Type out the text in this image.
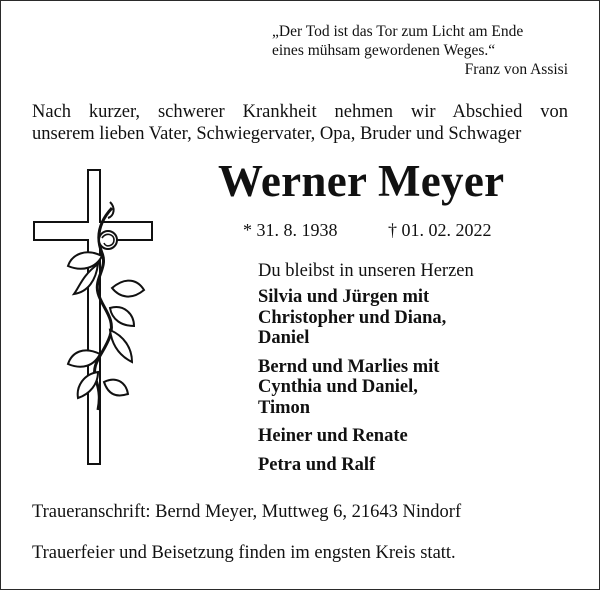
„Der Tod ist das Tor zum Licht am Ende
eines mühsam gewordenen Weges.“
Franz von Assisi
Nach kurzer, schwerer Krankheit nehmen wir Abschied von
unserem lieben Vater, Schwiegervater, Opa, Bruder und Schwager
Werner Meyer
* 31. 8. 1938	† 01. 02. 2022
Du bleibst in unseren Herzen
Silvia und Jürgen mit
Christopher und Diana,
Daniel
Bernd und Marlies mit
Cynthia und Daniel,
Timon
Heiner und Renate
Petra und Ralf
Traueranschrift: Bernd Meyer, Muttweg 6, 21643 Nindorf
Trauerfeier und Beisetzung finden im engsten Kreis statt.
